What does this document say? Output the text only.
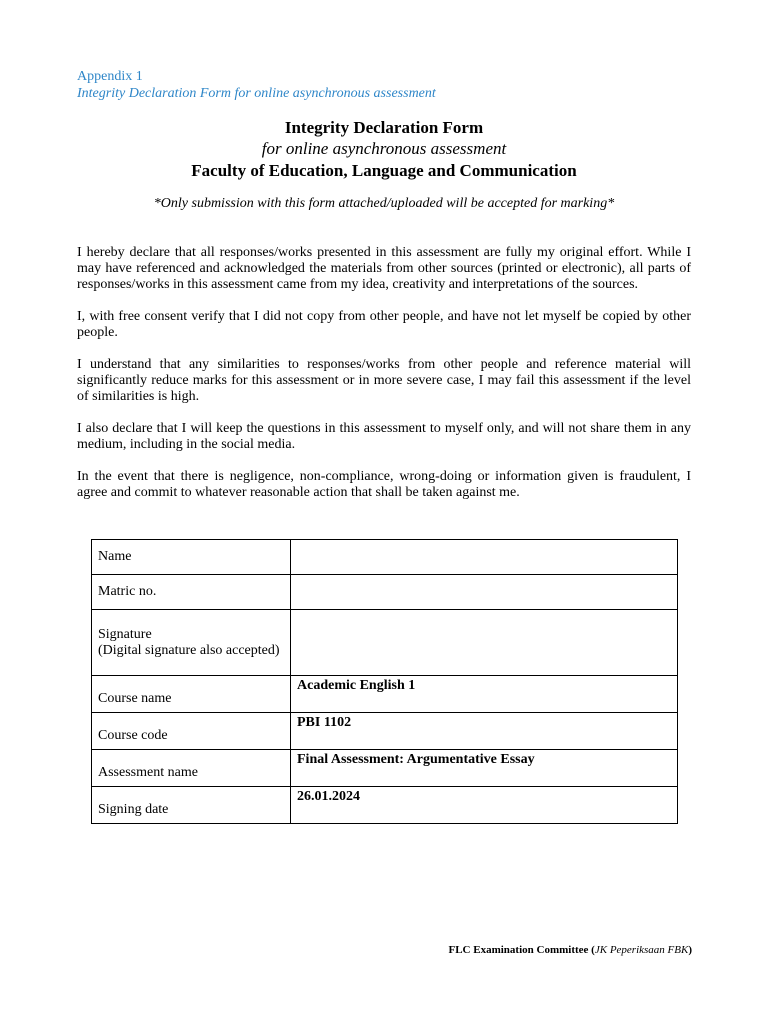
Appendix 1
Integrity Declaration Form for online asynchronous assessment
Integrity Declaration Form
for online asynchronous assessment
Faculty of Education, Language and Communication
*Only submission with this form attached/uploaded will be accepted for marking*

I hereby declare that all responses/works presented in this assessment are fully my original effort. While I may have referenced and acknowledged the materials from other sources (printed or electronic), all parts of responses/works in this assessment came from my idea, creativity and interpretations of the sources.

I, with free consent verify that I did not copy from other people, and have not let myself be copied by other people.

I understand that any similarities to responses/works from other people and reference material will significantly reduce marks for this assessment or in more severe case, I may fail this assessment if the level of similarities is high.

I also declare that I will keep the questions in this assessment to myself only, and will not share them in any medium, including in the social media.

In the event that there is negligence, non-compliance, wrong-doing or information given is fraudulent, I agree and commit to whatever reasonable action that shall be taken against me.

Name	
Matric no.	

Signature
(Digital signature also accepted)	

Course name	Academic English 1
Course code	PBI 1102
Assessment name	Final Assessment: Argumentative Essay
Signing date	26.01.2024
FLC Examination Committee (JK Peperiksaan FBK)
